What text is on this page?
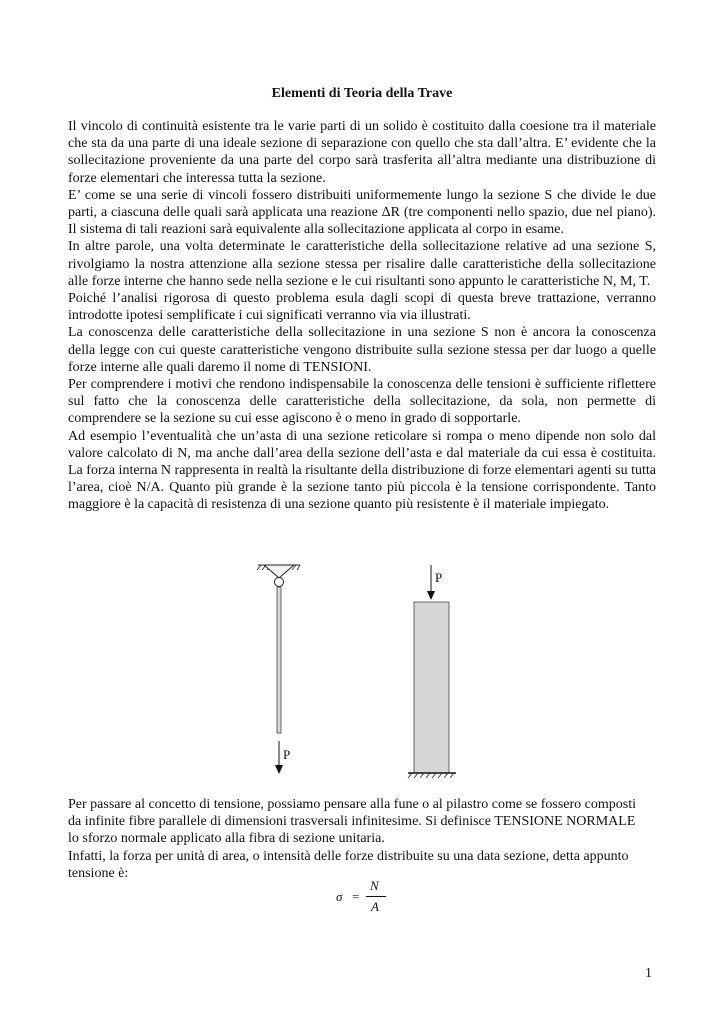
Elementi di Teoria della Trave

Il vincolo di continuità esistente tra le varie parti di un solido è costituito dalla coesione tra il materiale che sta da una parte di una ideale sezione di separazione con quello che sta dall’altra. E’ evidente che la sollecitazione proveniente da una parte del corpo sarà trasferita all’altra mediante una distribuzione di forze elementari che interessa tutta la sezione.

E’ come se una serie di vincoli fossero distribuiti uniformemente lungo la sezione S che divide le due parti, a ciascuna delle quali sarà applicata una reazione ΔR (tre componenti nello spazio, due nel piano). Il sistema di tali reazioni sarà equivalente alla sollecitazione applicata al corpo in esame.

In altre parole, una volta determinate le caratteristiche della sollecitazione relative ad una sezione S, rivolgiamo la nostra attenzione alla sezione stessa per risalire dalle caratteristiche della sollecitazione alle forze interne che hanno sede nella sezione e le cui risultanti sono appunto le caratteristiche N, M, T.

Poiché l’analisi rigorosa di questo problema esula dagli scopi di questa breve trattazione, verranno introdotte ipotesi semplificate i cui significati verranno via via illustrati.

La conoscenza delle caratteristiche della sollecitazione in una sezione S non è ancora la conoscenza della legge con cui queste caratteristiche vengono distribuite sulla sezione stessa per dar luogo a quelle forze interne alle quali daremo il nome di TENSIONI.

Per comprendere i motivi che rendono indispensabile la conoscenza delle tensioni è sufficiente riflettere sul fatto che la conoscenza delle caratteristiche della sollecitazione, da sola, non permette di comprendere se la sezione su cui esse agiscono è o meno in grado di sopportarle.

Ad esempio l’eventualità che un’asta di una sezione reticolare si rompa o meno dipende non solo dal valore calcolato di N, ma anche dall’area della sezione dell’asta e dal materiale da cui essa è costituita. La forza interna N rappresenta in realtà la risultante della distribuzione di forze elementari agenti su tutta l’area, cioè N/A. Quanto più grande è la sezione tanto più piccola è la tensione corrispondente. Tanto maggiore è la capacità di resistenza di una sezione quanto più resistente è il materiale impiegato.

P
P

Per passare al concetto di tensione, possiamo pensare alla fune o al pilastro come se fossero composti da infinite fibre parallele di dimensioni trasversali infinitesime. Si definisce TENSIONE NORMALE lo sforzo normale applicato alla fibra di sezione unitaria.

Infatti, la forza per unità di area, o intensità delle forze distribuite su una data sezione, detta appunto tensione è:

σ =
N
A
1
